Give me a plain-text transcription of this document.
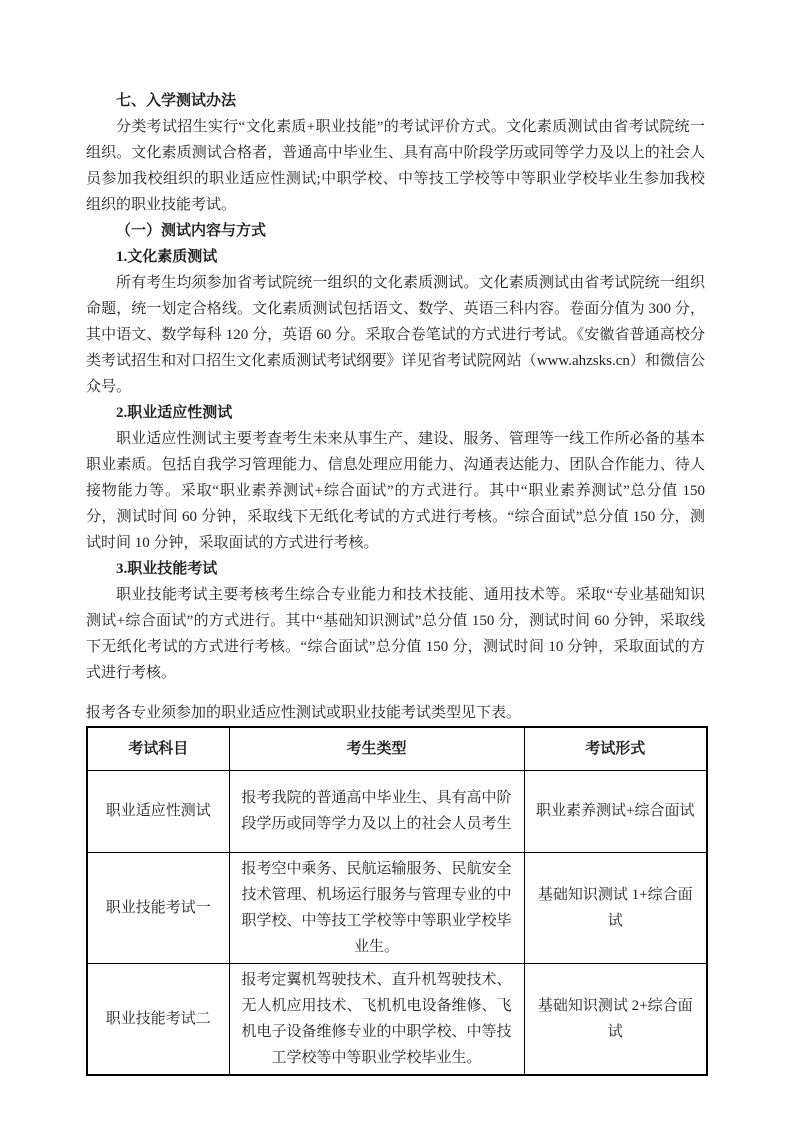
七、入学测试办法

分类考试招生实行“文化素质+职业技能”的考试评价方式。文化素质测试由省考试院统一组织。文化素质测试合格者，普通高中毕业生、具有高中阶段学历或同等学力及以上的社会人员参加我校组织的职业适应性测试;中职学校、中等技工学校等中等职业学校毕业生参加我校组织的职业技能考试。

（一）测试内容与方式
1.文化素质测试

所有考生均须参加省考试院统一组织的文化素质测试。文化素质测试由省考试院统一组织命题，统一划定合格线。文化素质测试包括语文、数学、英语三科内容。卷面分值为 300 分，其中语文、数学每科 120 分，英语 60 分。采取合卷笔试的方式进行考试。《安徽省普通高校分类考试招生和对口招生文化素质测试考试纲要》详见省考试院网站（www.ahzsks.cn）和微信公众号。

2.职业适应性测试

职业适应性测试主要考查考生未来从事生产、建设、服务、管理等一线工作所必备的基本职业素质。包括自我学习管理能力、信息处理应用能力、沟通表达能力、团队合作能力、待人接物能力等。采取“职业素养测试+综合面试”的方式进行。其中“职业素养测试”总分值 150 分，测试时间 60 分钟，采取线下无纸化考试的方式进行考核。“综合面试”总分值 150 分，测试时间 10 分钟，采取面试的方式进行考核。

3.职业技能考试

职业技能考试主要考核考生综合专业能力和技术技能、通用技术等。采取“专业基础知识测试+综合面试”的方式进行。其中“基础知识测试”总分值 150 分，测试时间 60 分钟，采取线下无纸化考试的方式进行考核。“综合面试”总分值 150 分，测试时间 10 分钟，采取面试的方式进行考核。

报考各专业须参加的职业适应性测试或职业技能考试类型见下表。

考试科目	考生类型	考试形式
职业适应性测试	报考我院的普通高中毕业生、具有高中阶段学历或同等学力及以上的社会人员考生	职业素养测试+综合面试
职业技能考试一	报考空中乘务、民航运输服务、民航安全技术管理、机场运行服务与管理专业的中职学校、中等技工学校等中等职业学校毕业生。	基础知识测试 1+综合面试
职业技能考试二	报考定翼机驾驶技术、直升机驾驶技术、无人机应用技术、飞机机电设备维修、飞机电子设备维修专业的中职学校、中等技工学校等中等职业学校毕业生。	基础知识测试 2+综合面试
